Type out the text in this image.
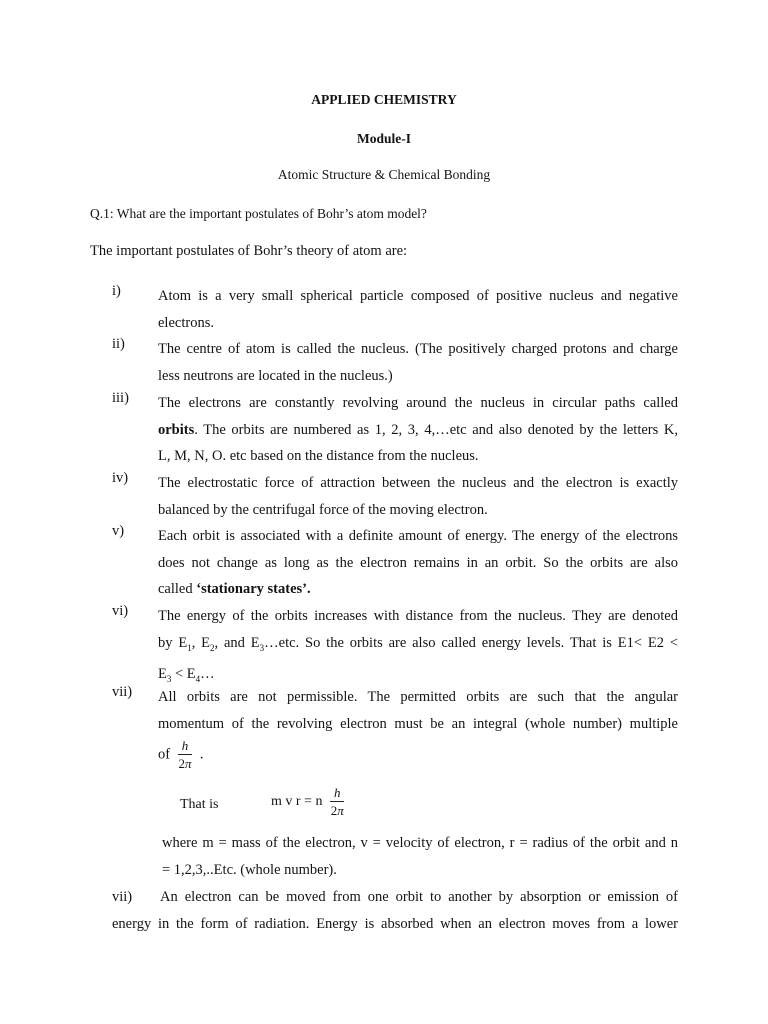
APPLIED CHEMISTRY
Module-I
Atomic Structure & Chemical Bonding
Q.1: What are the important postulates of Bohr’s atom model?
The important postulates of Bohr’s theory of atom are:
i)	Atom is a very small spherical particle composed of positive nucleus and negative
electrons.
ii) The centre of atom is called the nucleus. (The positively charged protons and charge
less neutrons are located in the nucleus.)
iii) The electrons are constantly revolving around the nucleus in circular paths called
orbits. The orbits are numbered as 1, 2, 3, 4,…etc and also denoted by the letters K,
L, M, N, O. etc based on the distance from the nucleus.
iv) The electrostatic force of attraction between the nucleus and the electron is exactly
balanced by the centrifugal force of the moving electron.
v) Each orbit is associated with a definite amount of energy. The energy of the electrons
does not change as long as the electron remains in an orbit. So the orbits are also
called ‘stationary states’.
vi) The energy of the orbits increases with distance from the nucleus. They are denoted
by $E_1$, $E_2$, and $E_3\dots etc$. So the orbits are also called energy levels. That is E1< E2 <
$E_3$ < $E_4\dots$
vii) All orbits are not permissible. The permitted orbits are such that the angular
momentum of the revolving electron must be an integral (whole number) multiple
of $\frac{h}{2\pi}$ .
That is	m v r = n $\frac{h}{2\pi}$
where m = mass of the electron, v = velocity of electron, r = radius of the orbit and n
= 1,2,3,..Etc. (whole number).
vii) An electron can be moved from one orbit to another by absorption or emission of
energy in the form of radiation. Energy is absorbed when an electron moves from a lower
